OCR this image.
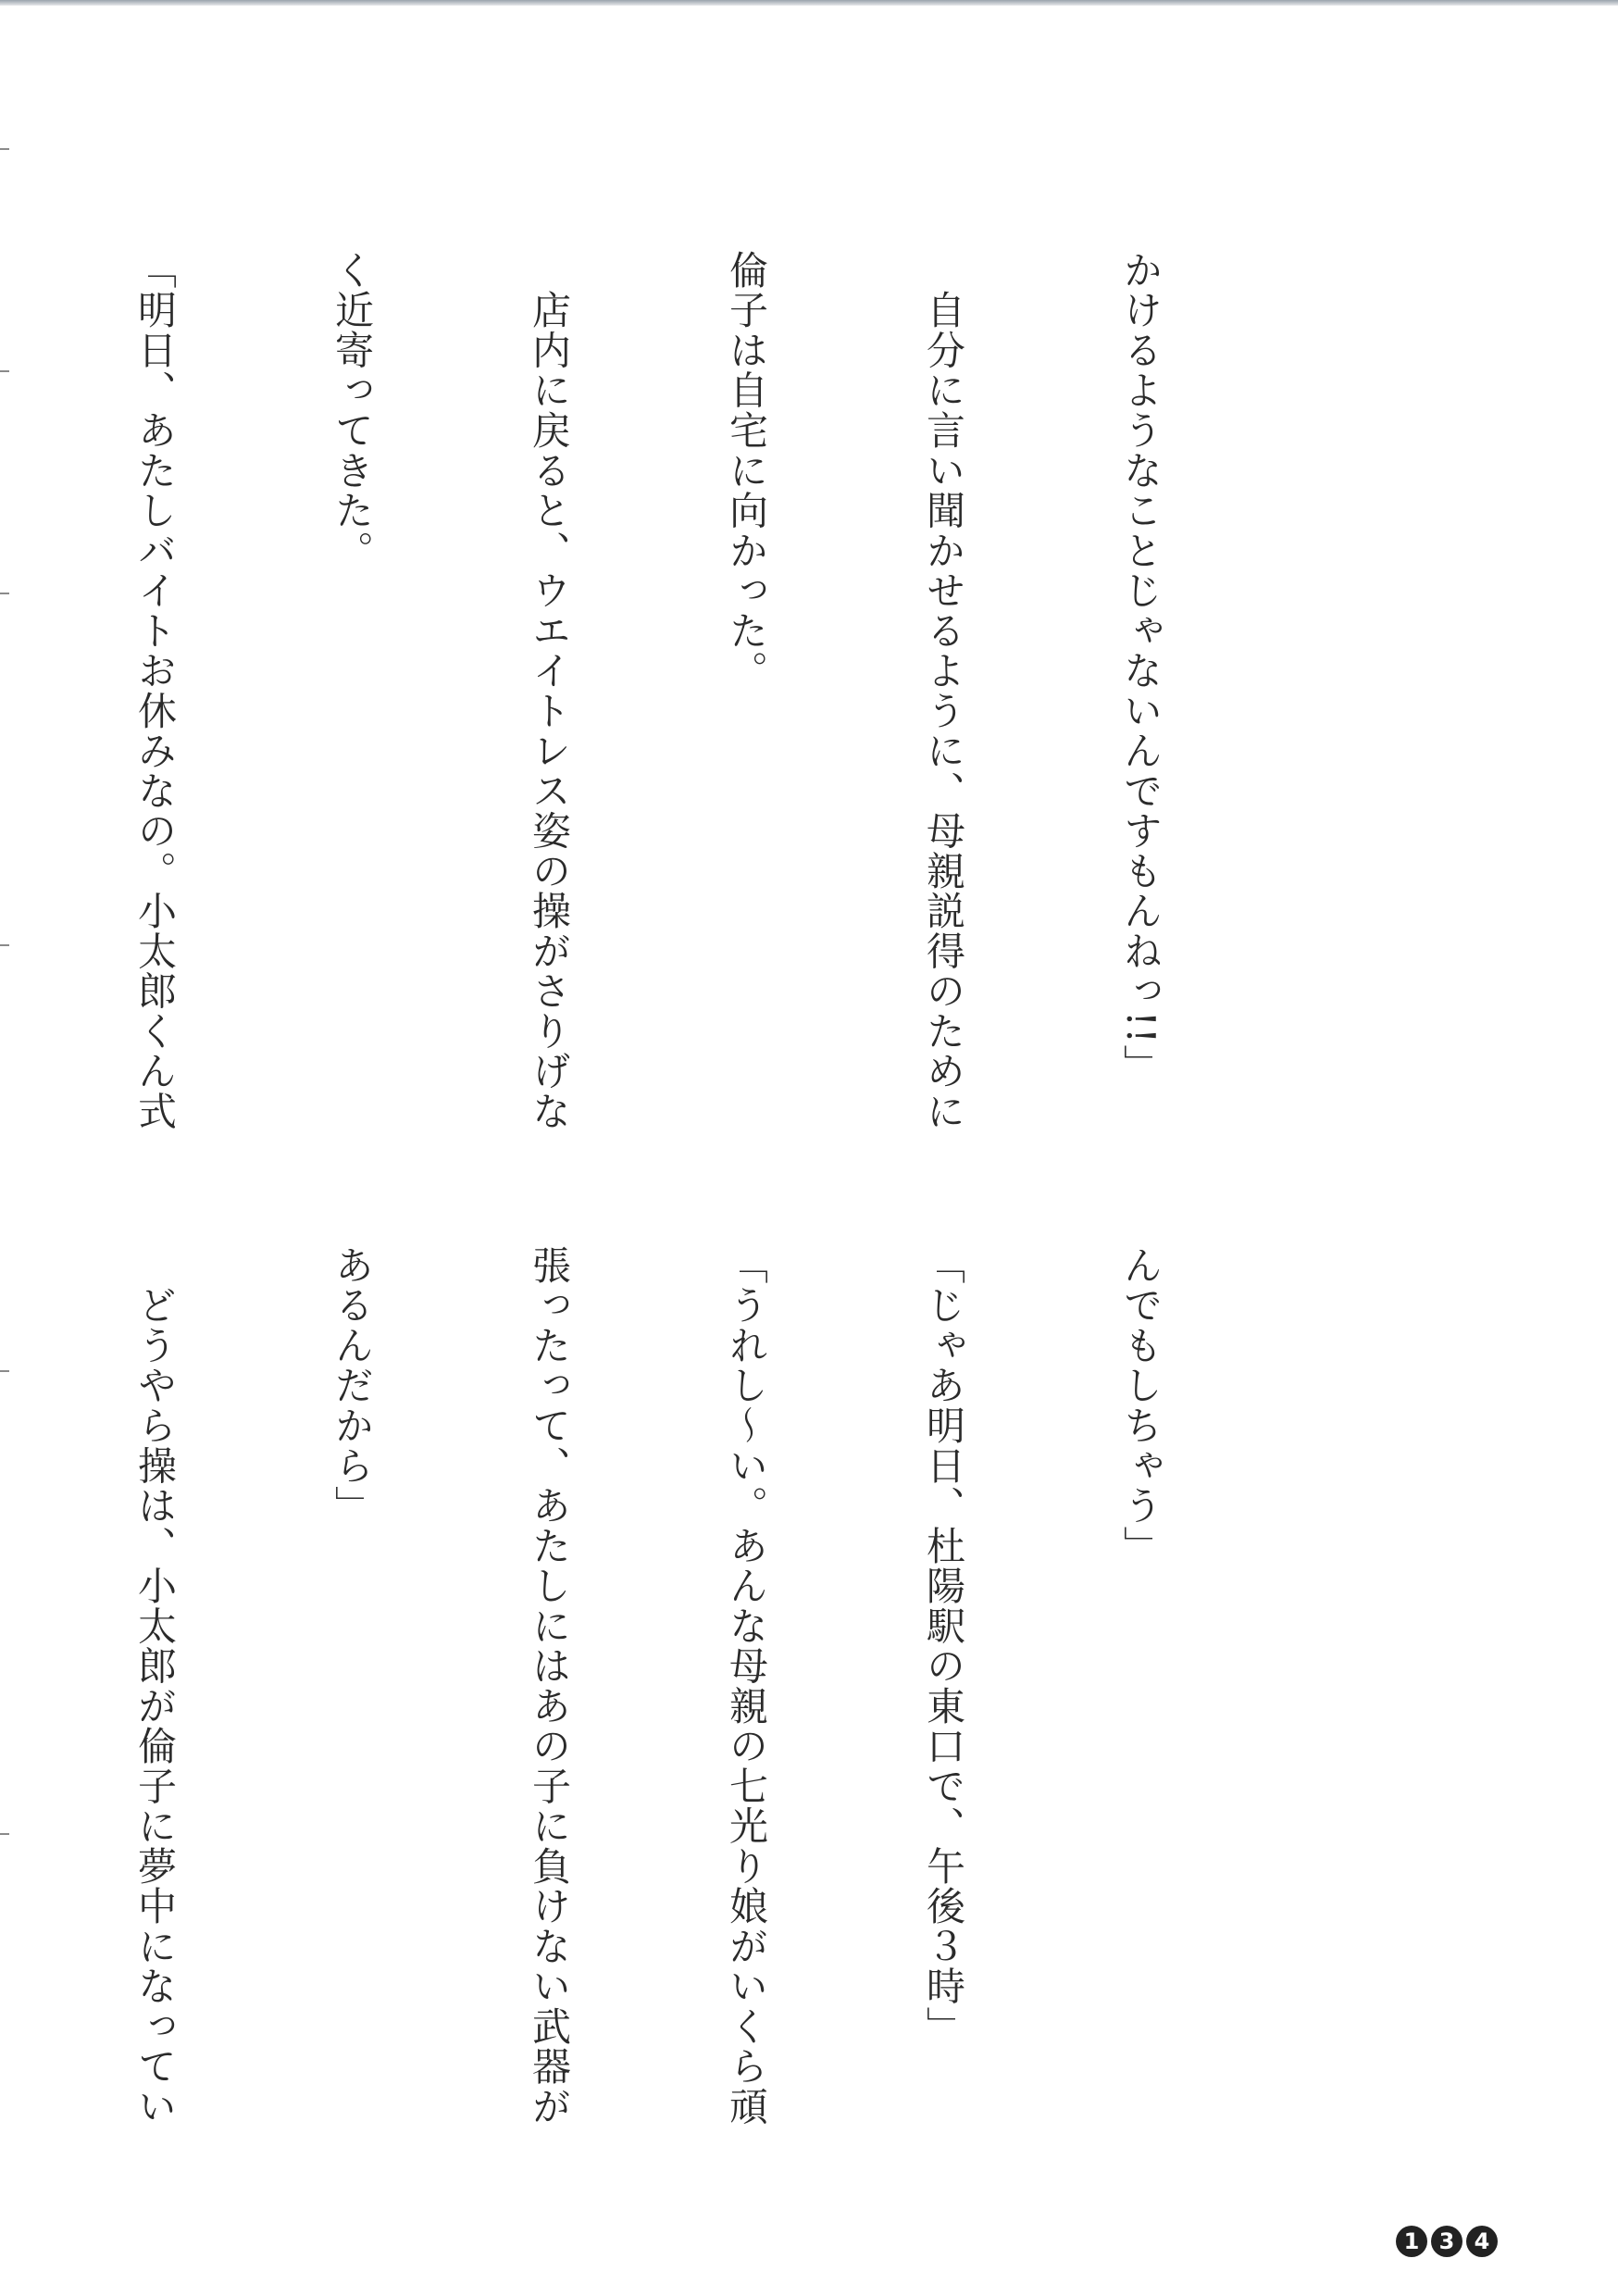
かけるようなことじゃないんですもんねっ!!」

　自分に言い聞かせるように、母親説得のために

倫子は自宅に向かった。

　店内に戻ると、ウエイトレス姿の操がさりげな

く近寄ってきた。

「明日、あたしバイトお休みなの。小太郎くん式

んでもしちゃう」

「じゃあ明日、杜陽駅の東口で、午後３時」

「うれし〜い。あんな母親の七光り娘がいくら頑

張ったって、あたしにはあの子に負けない武器が

あるんだから」

　どうやら操は、小太郎が倫子に夢中になってい

1 3 4
